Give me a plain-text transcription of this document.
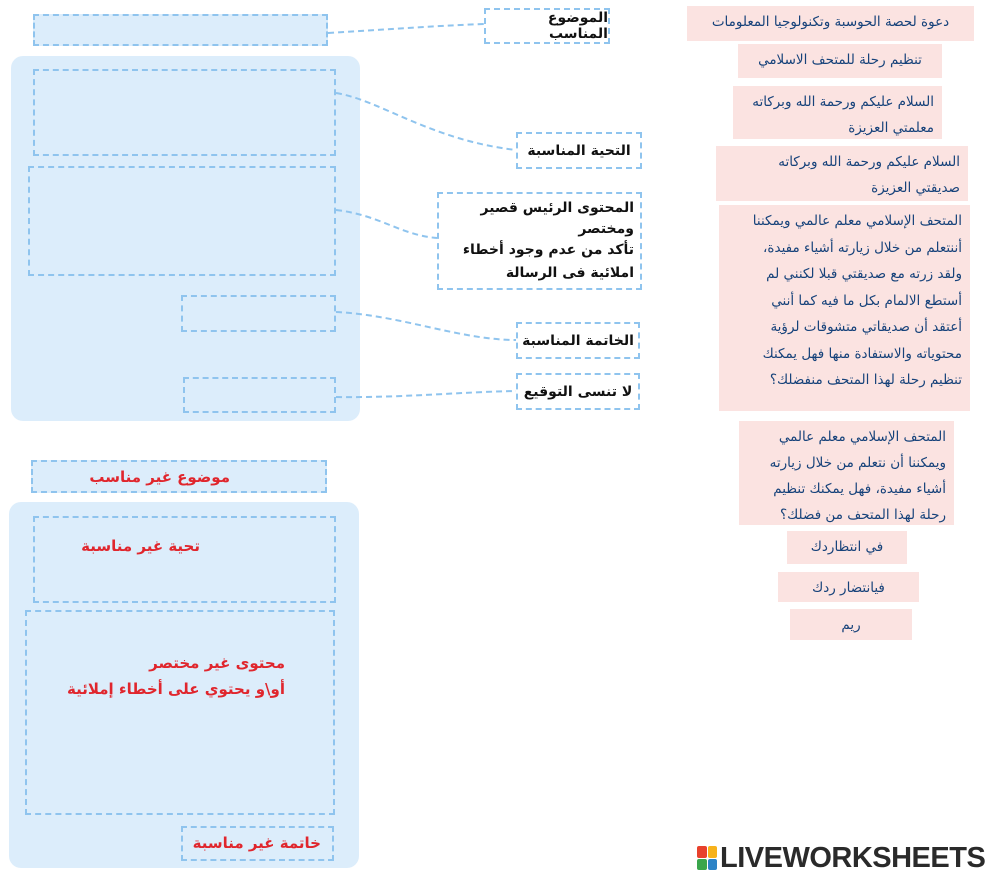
موضوع غير مناسب
تحية غير مناسبة
محتوى غير مختصر
أو\و يحتوي على أخطاء إملائية
خاتمة غير مناسبة
الموضوع المناسب
التحية المناسبة
المحتوى الرئيس قصير
ومختصر
تأكد من عدم وجود أخطاء
املائية فى الرسالة
الخاتمة المناسبة
لا تنسى التوقيع
دعوة لحصة الحوسبة وتكنولوجيا المعلومات
تنظيم رحلة للمتحف الاسلامي
السلام عليكم ورحمة الله وبركاته
معلمتي العزيزة
السلام عليكم ورحمة الله وبركاته
صديقتي العزيزة
المتحف الإسلامي معلم عالمي ويمكننا
أننتعلم من خلال زيارته أشياء مفيدة،
ولقد زرته مع صديقتي قبلا لكنني لم
أستطع الالمام بكل ما فيه كما أنني
أعتقد أن صديقاتي متشوقات لرؤية
محتوياته والاستفادة منها فهل يمكنك
تنظيم رحلة لهذا المتحف منفضلك؟
المتحف الإسلامي معلم عالمي
ويمكننا أن نتعلم من خلال زيارته
أشياء مفيدة، فهل يمكنك تنظيم
رحلة لهذا المتحف من فضلك؟
في انتظاردك
فيانتضار ردك
ريم
LIVEWORKSHEETS
